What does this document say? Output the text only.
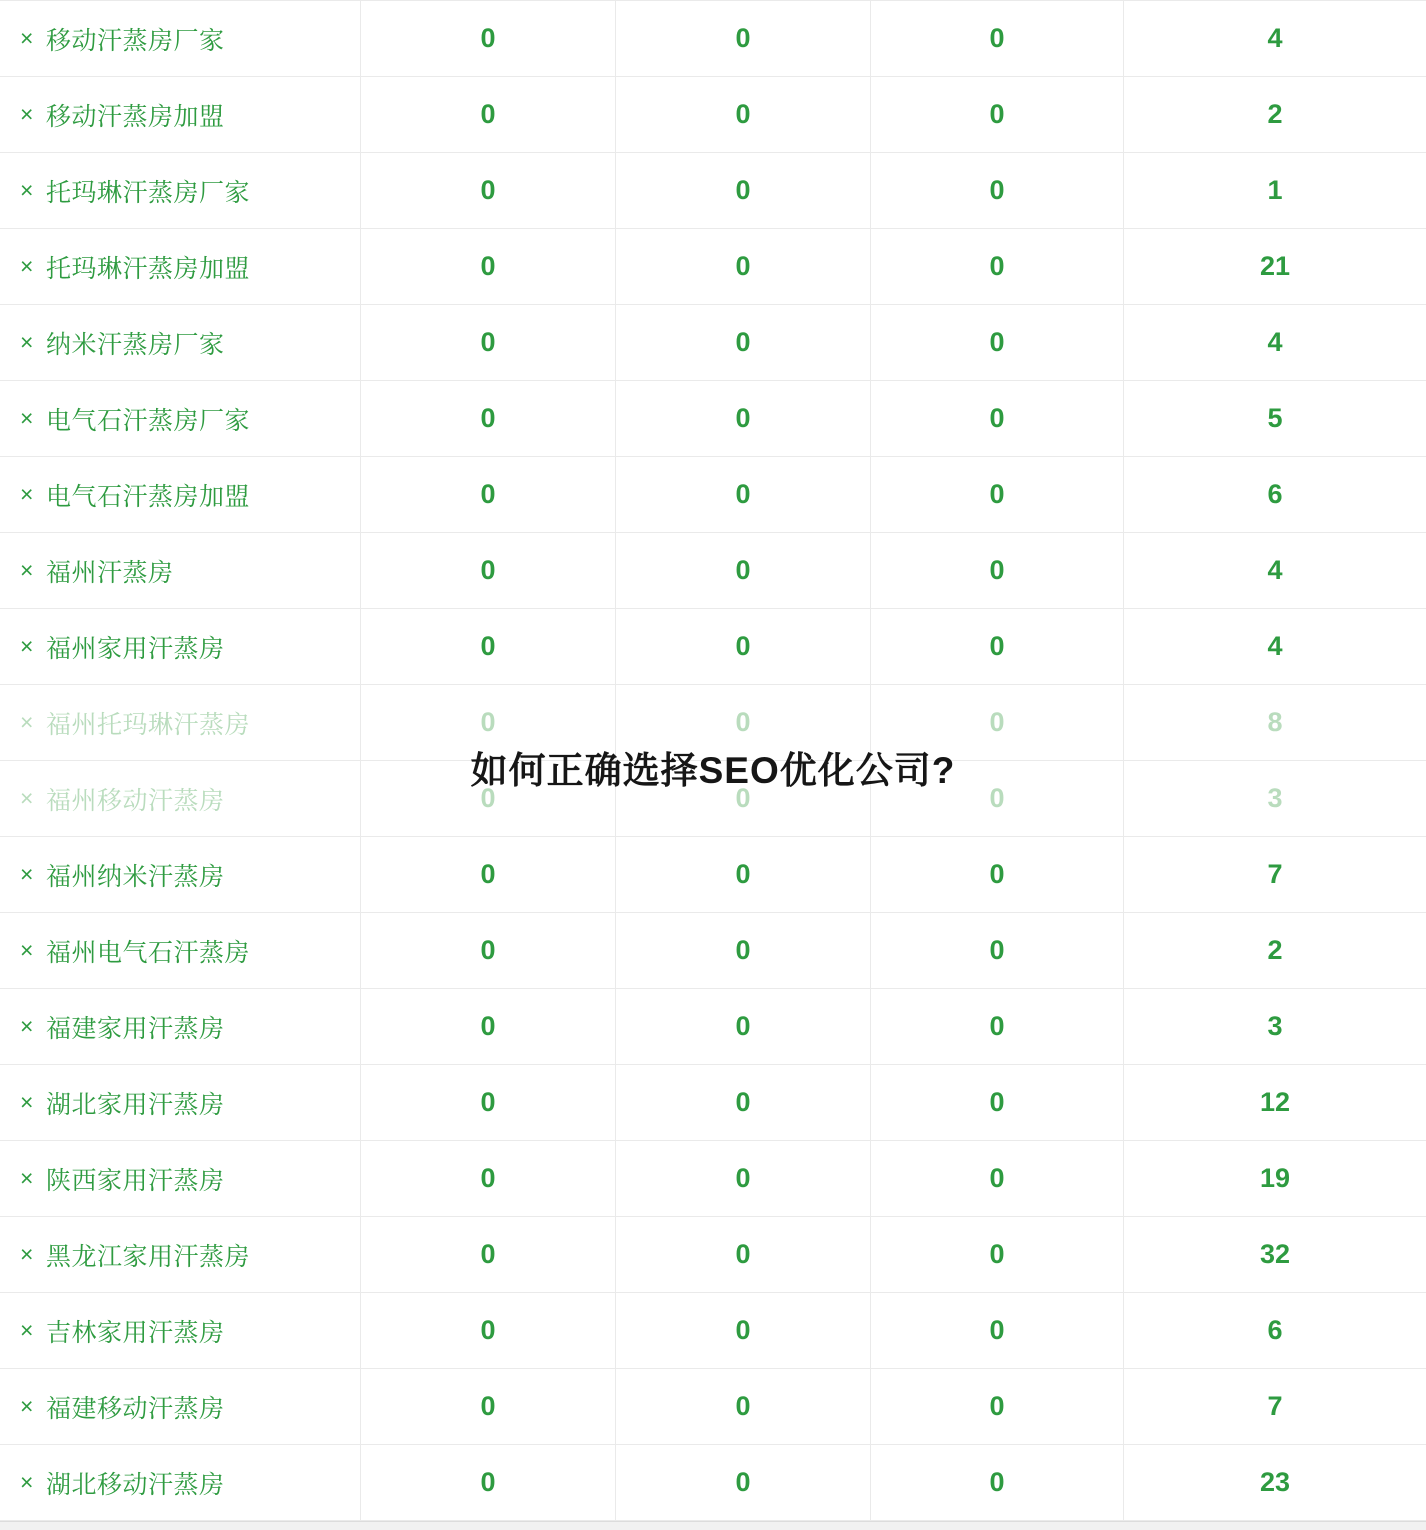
× 移动汗蒸房厂家	0	0	0	4
× 移动汗蒸房加盟	0	0	0	2
× 托玛琳汗蒸房厂家	0	0	0	1
× 托玛琳汗蒸房加盟	0	0	0	21
× 纳米汗蒸房厂家	0	0	0	4
× 电气石汗蒸房厂家	0	0	0	5
× 电气石汗蒸房加盟	0	0	0	6
× 福州汗蒸房	0	0	0	4
× 福州家用汗蒸房	0	0	0	4
× 福州托玛琳汗蒸房	0	0	0	8
× 福州移动汗蒸房	0	0	0	3
× 福州纳米汗蒸房	0	0	0	7
× 福州电气石汗蒸房	0	0	0	2
× 福建家用汗蒸房	0	0	0	3
× 湖北家用汗蒸房	0	0	0	12
× 陕西家用汗蒸房	0	0	0	19
× 黑龙江家用汗蒸房	0	0	0	32
× 吉林家用汗蒸房	0	0	0	6
× 福建移动汗蒸房	0	0	0	7
× 湖北移动汗蒸房	0	0	0	23
如何正确选择SEO优化公司?
